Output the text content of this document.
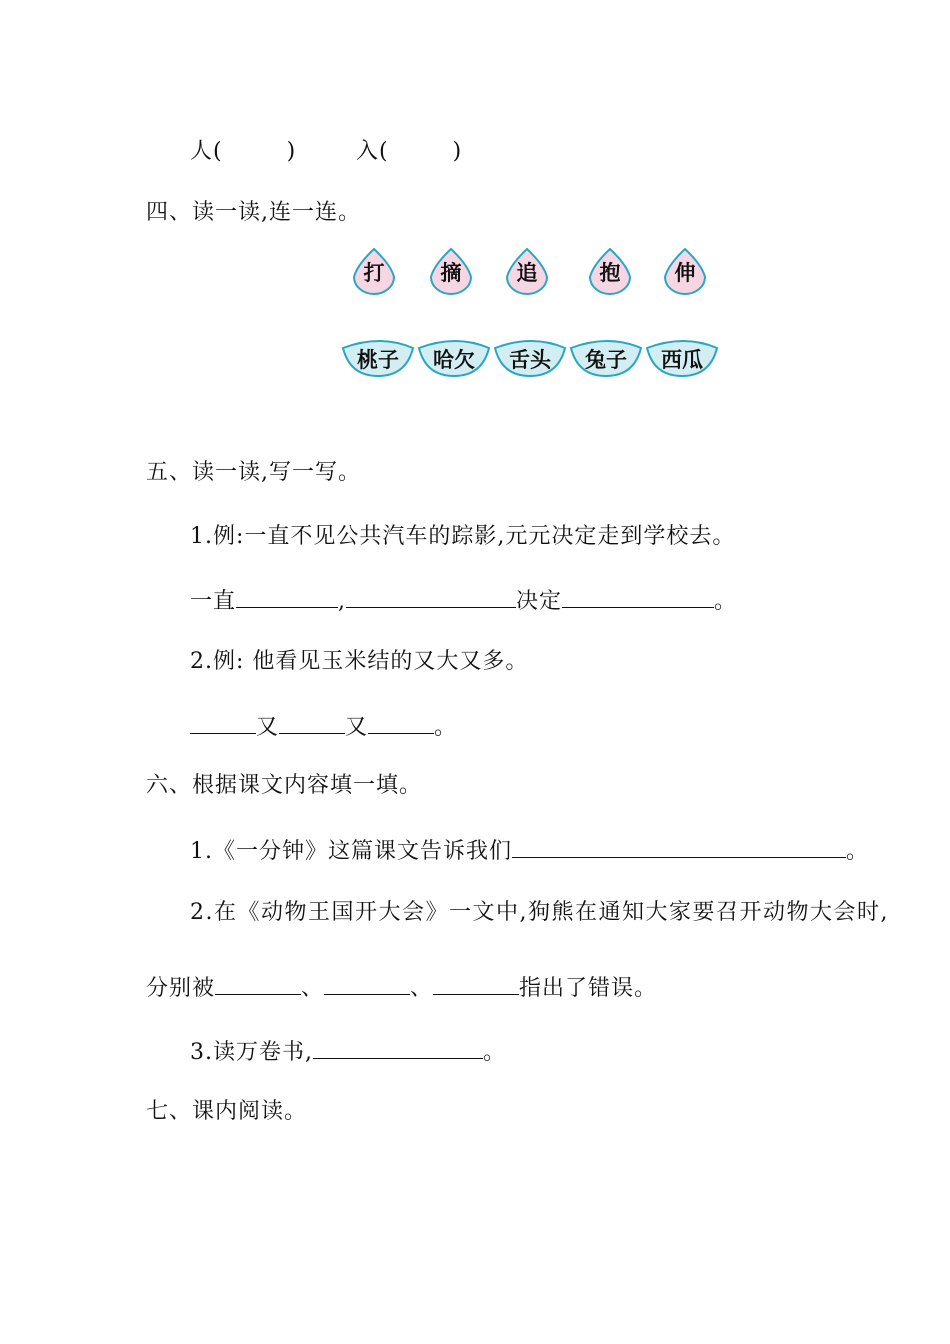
人(	)	入(	)
四、读一读,连一连。
打	摘	追	抱	伸
桃子	哈欠	舌头	兔子	西瓜
五、读一读,写一写。
1.例:一直不见公共汽车的踪影,元元决定走到学校去。
一直	,	决定	。
2.例: 他看见玉米结的又大又多。
又	又	。
六、根据课文内容填一填。
1.《一分钟》这篇课文告诉我们	。
2.在《动物王国开大会》一文中,狗熊在通知大家要召开动物大会时,
分别被	、	、	指出了错误。
3.读万卷书,	。
七、课内阅读。
